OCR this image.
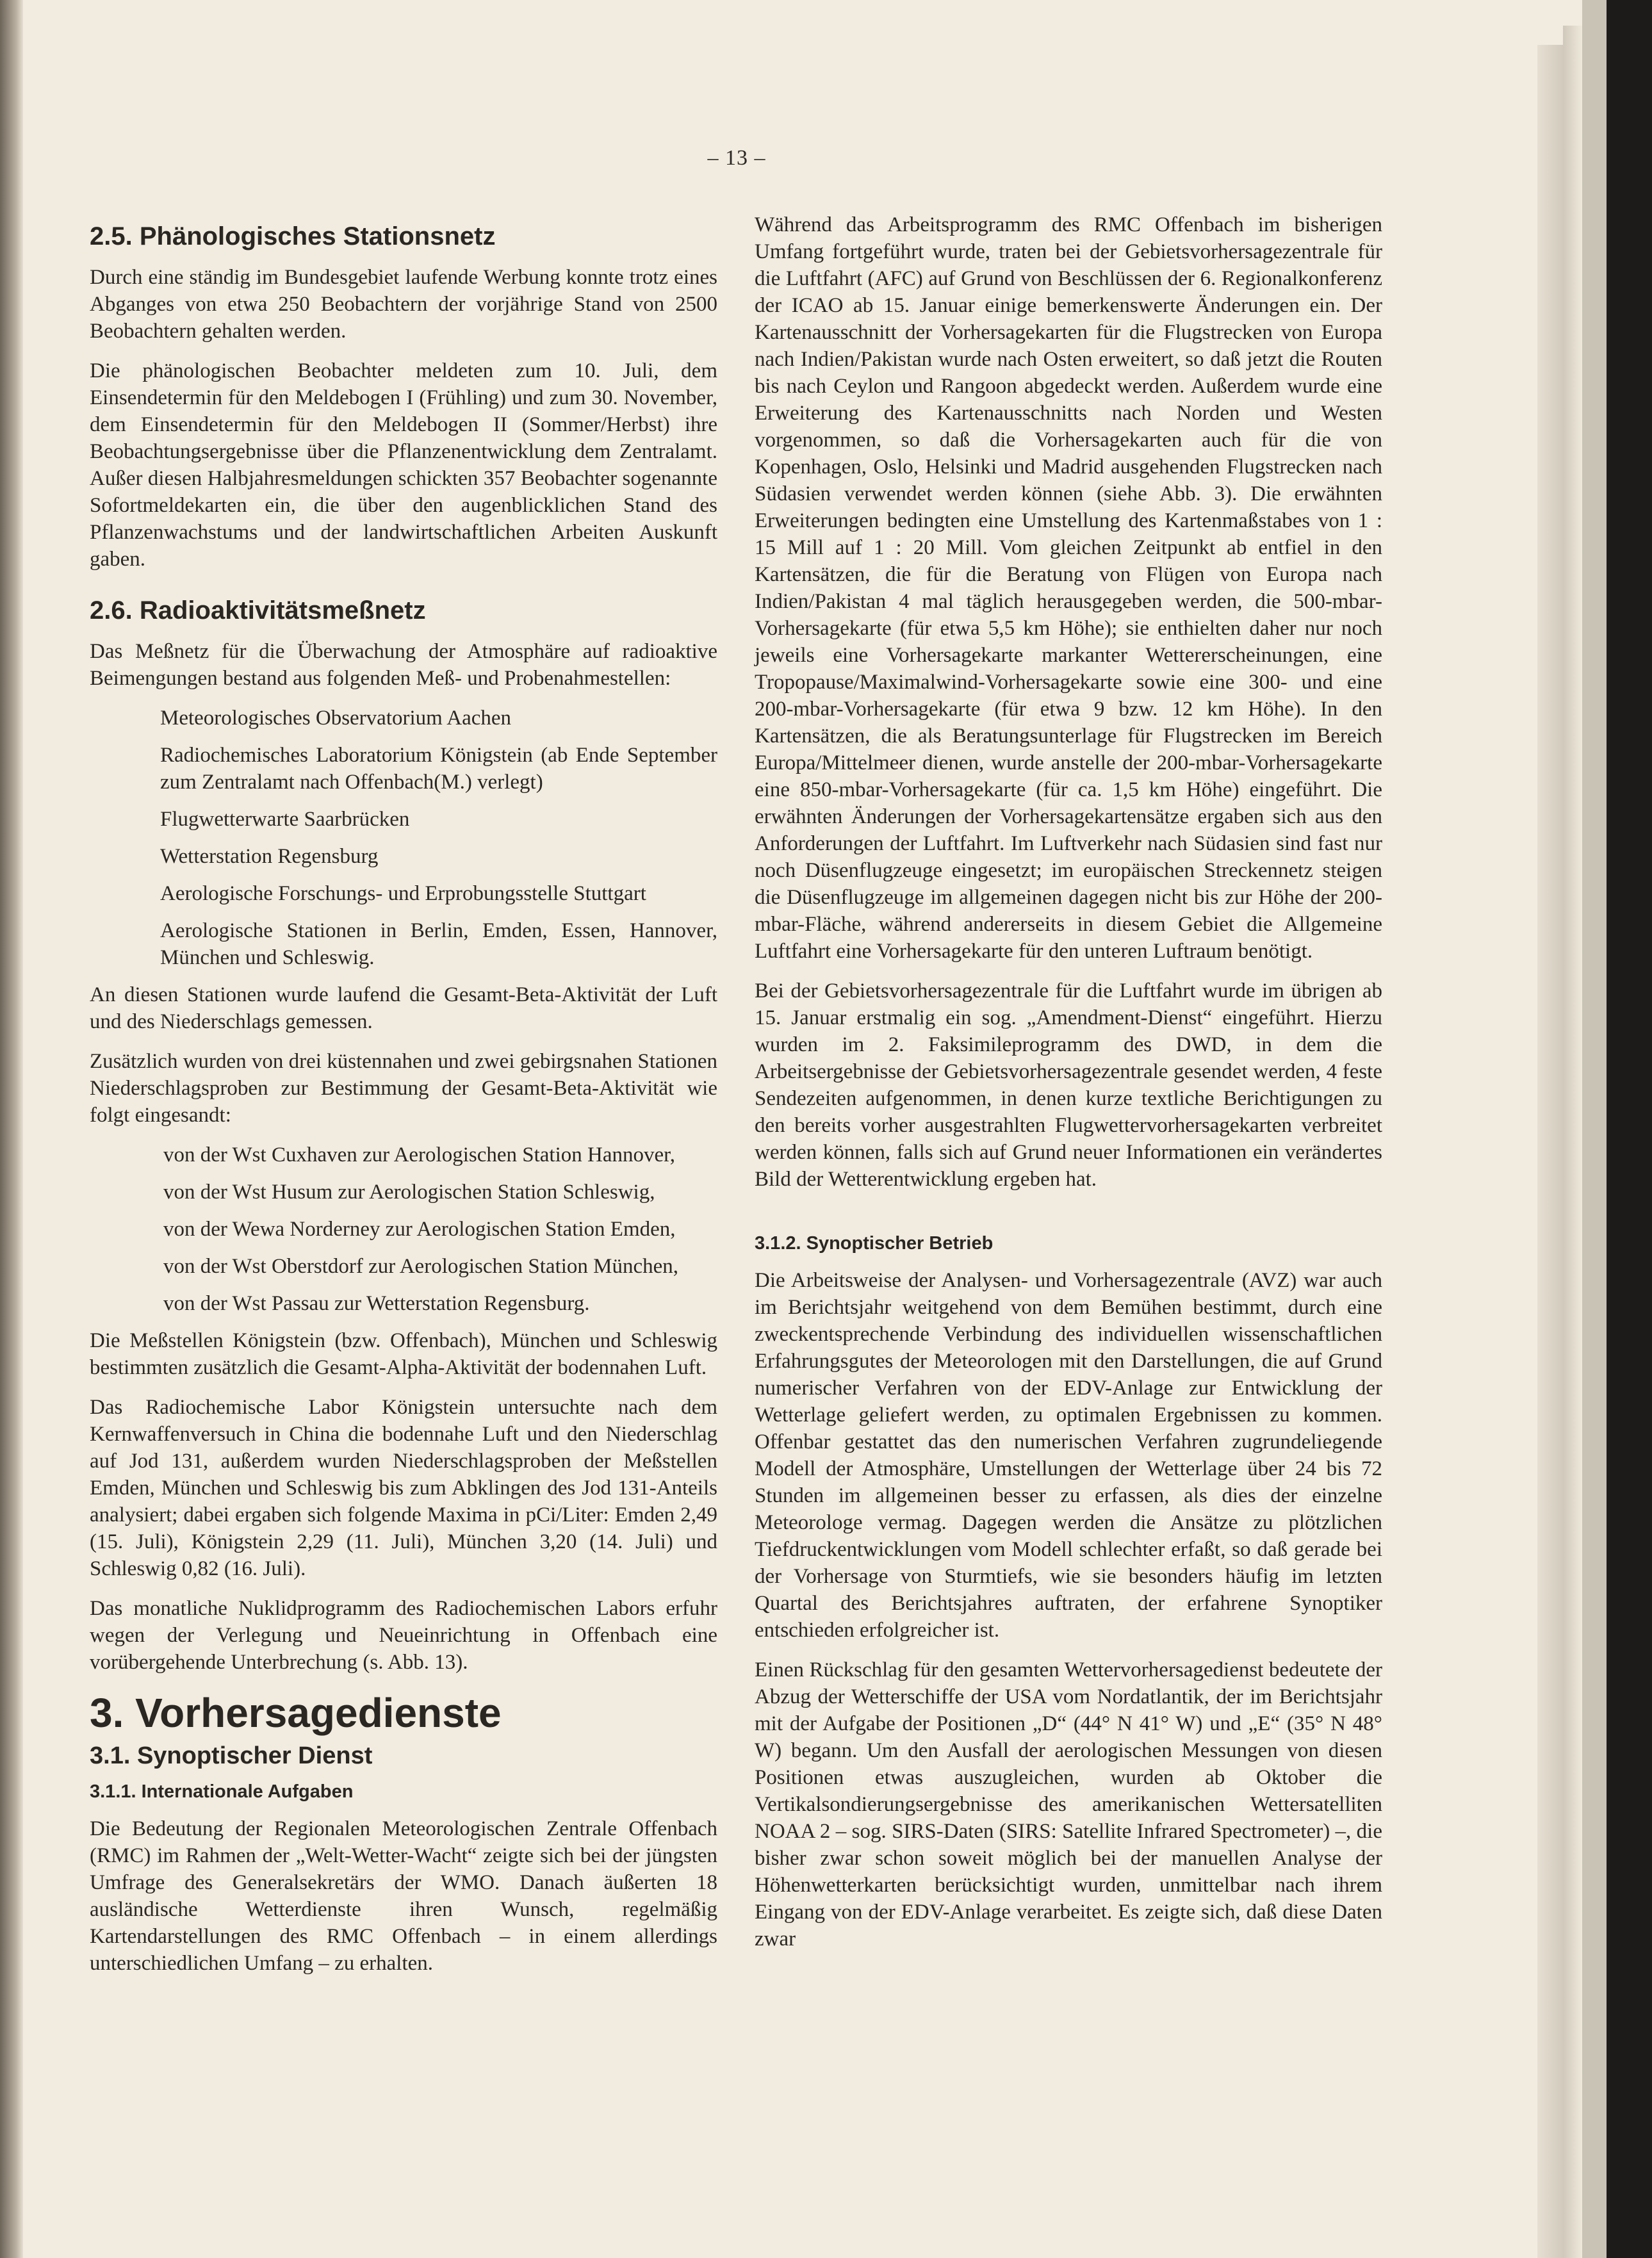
– 13 –
2.5. Phänologisches Stationsnetz

Durch eine ständig im Bundesgebiet laufende Werbung konnte trotz eines Abganges von etwa 250 Beobachtern der vorjährige Stand von 2500 Beobachtern gehalten werden.

Die phänologischen Beobachter meldeten zum 10. Juli, dem Einsendetermin für den Meldebogen I (Frühling) und zum 30. November, dem Einsendetermin für den Meldebogen II (Sommer/Herbst) ihre Beobachtungsergebnisse über die Pflanzenentwicklung dem Zentralamt. Außer diesen Halbjahresmeldungen schickten 357 Beobachter sogenannte Sofortmeldekarten ein, die über den augenblicklichen Stand des Pflanzenwachstums und der landwirtschaftlichen Arbeiten Auskunft gaben.

2.6. Radioaktivitätsmeßnetz

Das Meßnetz für die Überwachung der Atmosphäre auf radioaktive Beimengungen bestand aus folgenden Meß- und Probenahmestellen:

Meteorologisches Observatorium Aachen
Radiochemisches Laboratorium Königstein (ab Ende September zum Zentralamt nach Offenbach(M.) verlegt)
Flugwetterwarte Saarbrücken
Wetterstation Regensburg
Aerologische Forschungs- und Erprobungsstelle Stuttgart
Aerologische Stationen in Berlin, Emden, Essen, Hannover, München und Schleswig.

An diesen Stationen wurde laufend die Gesamt-Beta-Aktivität der Luft und des Niederschlags gemessen.

Zusätzlich wurden von drei küstennahen und zwei gebirgsnahen Stationen Niederschlagsproben zur Bestimmung der Gesamt-Beta-Aktivität wie folgt eingesandt:

von der Wst Cuxhaven zur Aerologischen Station Hannover,
von der Wst Husum zur Aerologischen Station Schleswig,
von der Wewa Norderney zur Aerologischen Station Emden,
von der Wst Oberstdorf zur Aerologischen Station München,
von der Wst Passau zur Wetterstation Regensburg.

Die Meßstellen Königstein (bzw. Offenbach), München und Schleswig bestimmten zusätzlich die Gesamt-Alpha-Aktivität der bodennahen Luft.

Das Radiochemische Labor Königstein untersuchte nach dem Kernwaffenversuch in China die bodennahe Luft und den Niederschlag auf Jod 131, außerdem wurden Niederschlagsproben der Meßstellen Emden, München und Schleswig bis zum Abklingen des Jod 131-Anteils analysiert; dabei ergaben sich folgende Maxima in pCi/Liter: Emden 2,49 (15. Juli), Königstein 2,29 (11. Juli), München 3,20 (14. Juli) und Schleswig 0,82 (16. Juli).

Das monatliche Nuklidprogramm des Radiochemischen Labors erfuhr wegen der Verlegung und Neueinrichtung in Offenbach eine vorübergehende Unterbrechung (s. Abb. 13).

3. Vorhersagedienste
3.1. Synoptischer Dienst
3.1.1. Internationale Aufgaben

Die Bedeutung der Regionalen Meteorologischen Zentrale Offenbach (RMC) im Rahmen der „Welt-Wetter-Wacht“ zeigte sich bei der jüngsten Umfrage des Generalsekretärs der WMO. Danach äußerten 18 ausländische Wetterdienste ihren Wunsch, regelmäßig Kartendarstellungen des RMC Offenbach – in einem allerdings unterschiedlichen Umfang – zu erhalten.

Während das Arbeitsprogramm des RMC Offenbach im bisherigen Umfang fortgeführt wurde, traten bei der Gebietsvorhersagezentrale für die Luftfahrt (AFC) auf Grund von Beschlüssen der 6. Regionalkonferenz der ICAO ab 15. Januar einige bemerkenswerte Änderungen ein. Der Kartenausschnitt der Vorhersagekarten für die Flugstrecken von Europa nach Indien/Pakistan wurde nach Osten erweitert, so daß jetzt die Routen bis nach Ceylon und Rangoon abgedeckt werden. Außerdem wurde eine Erweiterung des Kartenausschnitts nach Norden und Westen vorgenommen, so daß die Vorhersagekarten auch für die von Kopenhagen, Oslo, Helsinki und Madrid ausgehenden Flugstrecken nach Südasien verwendet werden können (siehe Abb. 3). Die erwähnten Erweiterungen bedingten eine Umstellung des Kartenmaßstabes von 1 : 15 Mill auf 1 : 20 Mill. Vom gleichen Zeitpunkt ab entfiel in den Kartensätzen, die für die Beratung von Flügen von Europa nach Indien/Pakistan 4 mal täglich herausgegeben werden, die 500-mbar-Vorhersagekarte (für etwa 5,5 km Höhe); sie enthielten daher nur noch jeweils eine Vorhersagekarte markanter Wettererscheinungen, eine Tropopause/Maximalwind-Vorhersagekarte sowie eine 300- und eine 200-mbar-Vorhersagekarte (für etwa 9 bzw. 12 km Höhe). In den Kartensätzen, die als Beratungsunterlage für Flugstrecken im Bereich Europa/Mittelmeer dienen, wurde anstelle der 200-mbar-Vorhersagekarte eine 850-mbar-Vorhersagekarte (für ca. 1,5 km Höhe) eingeführt. Die erwähnten Änderungen der Vorhersagekartensätze ergaben sich aus den Anforderungen der Luftfahrt. Im Luftverkehr nach Südasien sind fast nur noch Düsenflugzeuge eingesetzt; im europäischen Streckennetz steigen die Düsenflugzeuge im allgemeinen dagegen nicht bis zur Höhe der 200-mbar-Fläche, während andererseits in diesem Gebiet die Allgemeine Luftfahrt eine Vorhersagekarte für den unteren Luftraum benötigt.

Bei der Gebietsvorhersagezentrale für die Luftfahrt wurde im übrigen ab 15. Januar erstmalig ein sog. „Amendment-Dienst“ eingeführt. Hierzu wurden im 2. Faksimileprogramm des DWD, in dem die Arbeitsergebnisse der Gebietsvorhersagezentrale gesendet werden, 4 feste Sendezeiten aufgenommen, in denen kurze textliche Berichtigungen zu den bereits vorher ausgestrahlten Flugwettervorhersagekarten verbreitet werden können, falls sich auf Grund neuer Informationen ein verändertes Bild der Wetterentwicklung ergeben hat.

3.1.2. Synoptischer Betrieb

Die Arbeitsweise der Analysen- und Vorhersagezentrale (AVZ) war auch im Berichtsjahr weitgehend von dem Bemühen bestimmt, durch eine zweckentsprechende Verbindung des individuellen wissenschaftlichen Erfahrungsgutes der Meteorologen mit den Darstellungen, die auf Grund numerischer Verfahren von der EDV-Anlage zur Entwicklung der Wetterlage geliefert werden, zu optimalen Ergebnissen zu kommen. Offenbar gestattet das den numerischen Verfahren zugrundeliegende Modell der Atmosphäre, Umstellungen der Wetterlage über 24 bis 72 Stunden im allgemeinen besser zu erfassen, als dies der einzelne Meteorologe vermag. Dagegen werden die Ansätze zu plötzlichen Tiefdruckentwicklungen vom Modell schlechter erfaßt, so daß gerade bei der Vorhersage von Sturmtiefs, wie sie besonders häufig im letzten Quartal des Berichtsjahres auftraten, der erfahrene Synoptiker entschieden erfolgreicher ist.

Einen Rückschlag für den gesamten Wettervorhersagedienst bedeutete der Abzug der Wetterschiffe der USA vom Nordatlantik, der im Berichtsjahr mit der Aufgabe der Positionen „D“ (44° N 41° W) und „E“ (35° N 48° W) begann. Um den Ausfall der aerologischen Messungen von diesen Positionen etwas auszugleichen, wurden ab Oktober die Vertikalsondierungsergebnisse des amerikanischen Wettersatelliten NOAA 2 – sog. SIRS-Daten (SIRS: Satellite Infrared Spectrometer) –, die bisher zwar schon soweit möglich bei der manuellen Analyse der Höhenwetterkarten berücksichtigt wurden, unmittelbar nach ihrem Eingang von der EDV-Anlage verarbeitet. Es zeigte sich, daß diese Daten zwar
